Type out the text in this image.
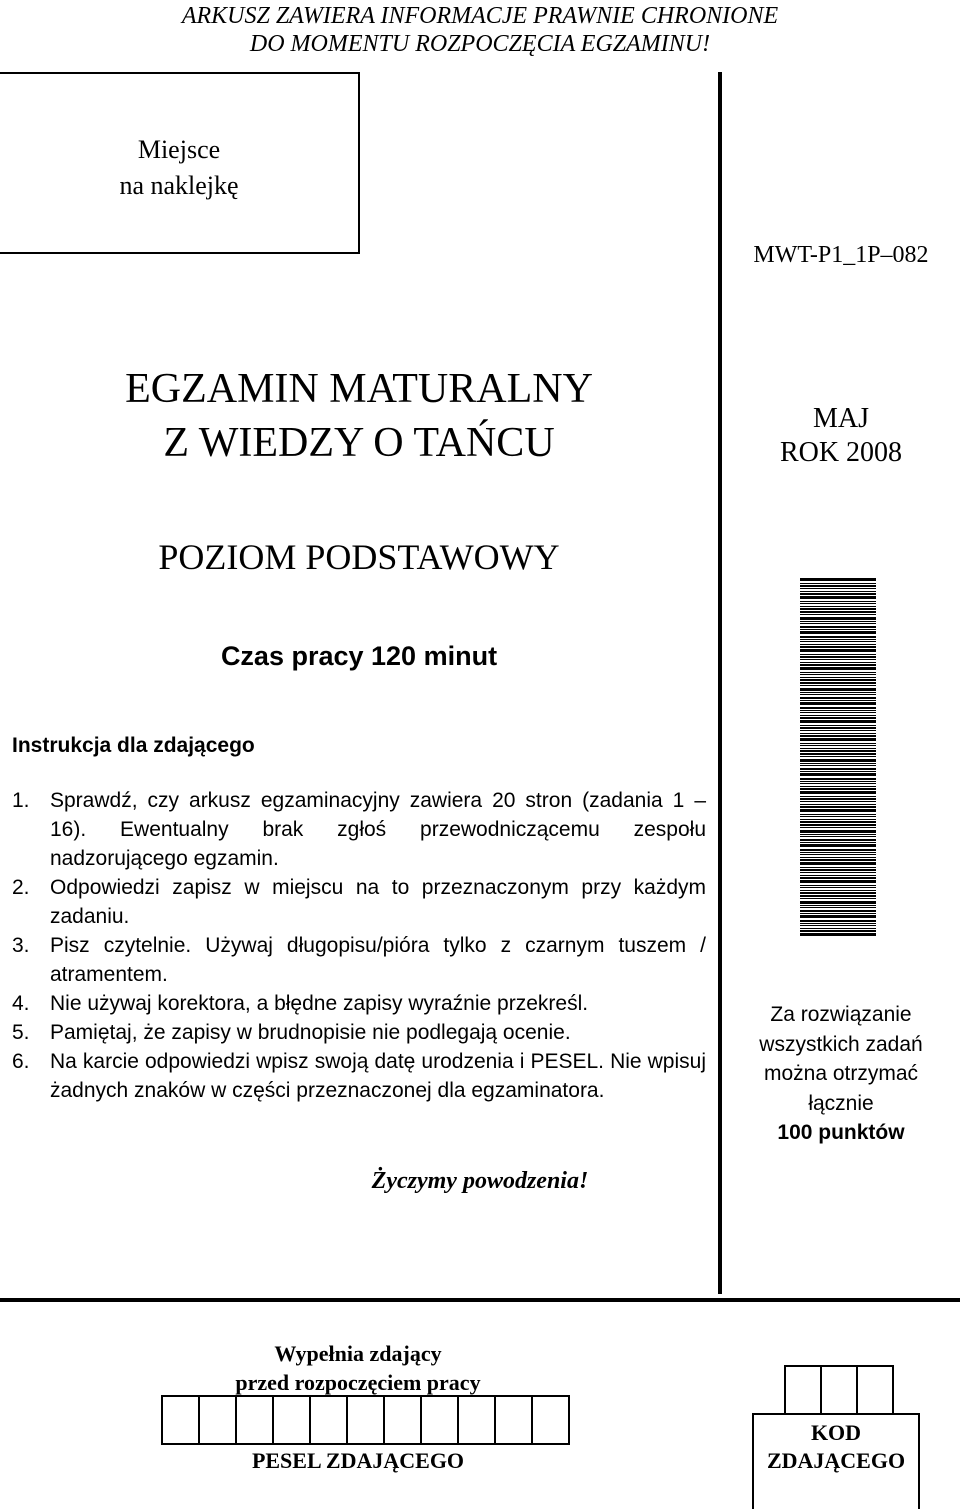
ARKUSZ ZAWIERA INFORMACJE PRAWNIE CHRONIONE
DO MOMENTU ROZPOCZĘCIA EGZAMINU!
Miejsce
na naklejkę
MWT-P1_1P–082
EGZAMIN MATURALNY
Z WIEDZY O TAŃCU
MAJ
ROK 2008
POZIOM PODSTAWOWY
Czas pracy 120 minut
Instrukcja dla zdającego
1. Sprawdź, czy arkusz egzaminacyjny zawiera 20 stron (zadania 1 – 16). Ewentualny brak zgłoś przewodniczącemu zespołu nadzorującego egzamin.
2. Odpowiedzi zapisz w miejscu na to przeznaczonym przy każdym zadaniu.
3. Pisz czytelnie. Używaj długopisu/pióra tylko z czarnym tuszem / atramentem.
4. Nie używaj korektora, a błędne zapisy wyraźnie przekreśl.
5. Pamiętaj, że zapisy w brudnopisie nie podlegają ocenie.
6. Na karcie odpowiedzi wpisz swoją datę urodzenia i PESEL. Nie wpisuj żadnych znaków w części przeznaczonej dla egzaminatora.
Życzymy powodzenia!
Za rozwiązanie
wszystkich zadań
można otrzymać
łącznie
100 punktów
Wypełnia zdający
przed rozpoczęciem pracy
PESEL ZDAJĄCEGO
KOD
ZDAJĄCEGO
